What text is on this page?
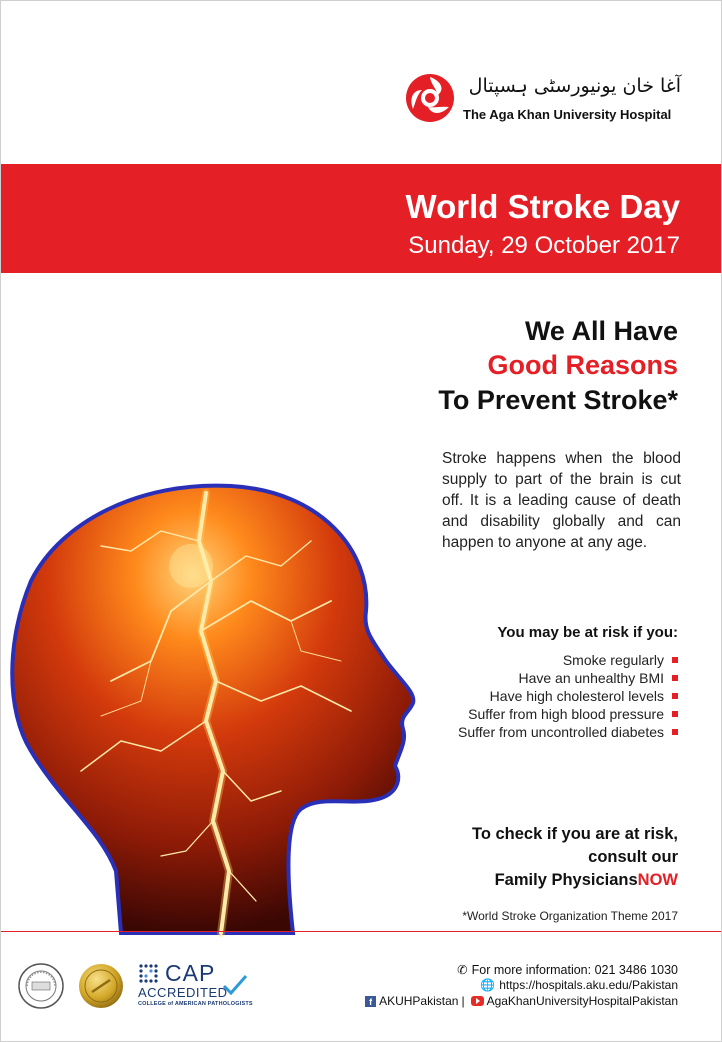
آغا خان یونیورسٹی ہسپتال
The Aga Khan University Hospital
World Stroke Day
Sunday, 29 October 2017
We All Have
Good Reasons
To Prevent Stroke*

Stroke happens when the blood supply to part of the brain is cut off. It is a leading cause of death and disability globally and can happen to anyone at any age.

You may be at risk if you:
Smoke regularly
Have an unhealthy BMI
Have high cholesterol levels
Suffer from high blood pressure
Suffer from uncontrolled diabetes
To check if you are at risk,
consult our
Family PhysiciansNOW
*World Stroke Organization Theme 2017
CAP
ACCREDITED
COLLEGE of AMERICAN PATHOLOGISTS
✆ For more information: 021 3486 1030
🌐 https://hospitals.aku.edu/Pakistan
f AKUHPakistan | AgaKhanUniversityHospitalPakistan
